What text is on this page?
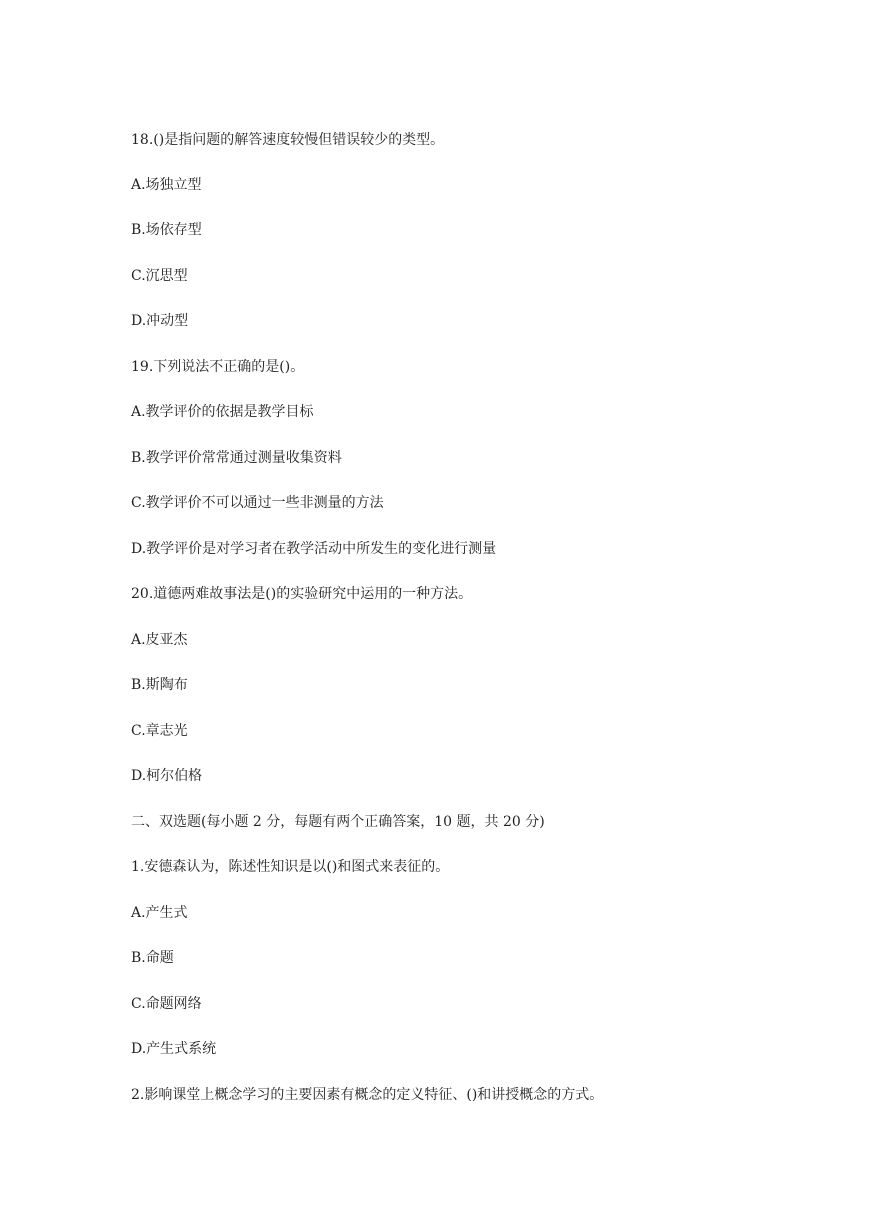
18.()是指问题的解答速度较慢但错误较少的类型。

A.场独立型

B.场依存型

C.沉思型

D.冲动型

19.下列说法不正确的是()。

A.教学评价的依据是教学目标

B.教学评价常常通过测量收集资料

C.教学评价不可以通过一些非测量的方法

D.教学评价是对学习者在教学活动中所发生的变化进行测量

20.道德两难故事法是()的实验研究中运用的一种方法。

A.皮亚杰

B.斯陶布

C.章志光

D.柯尔伯格

二、双选题(每小题 2 分，每题有两个正确答案，10 题，共 20 分)

1.安德森认为，陈述性知识是以()和图式来表征的。

A.产生式

B.命题

C.命题网络

D.产生式系统

2.影响课堂上概念学习的主要因素有概念的定义特征、()和讲授概念的方式。
